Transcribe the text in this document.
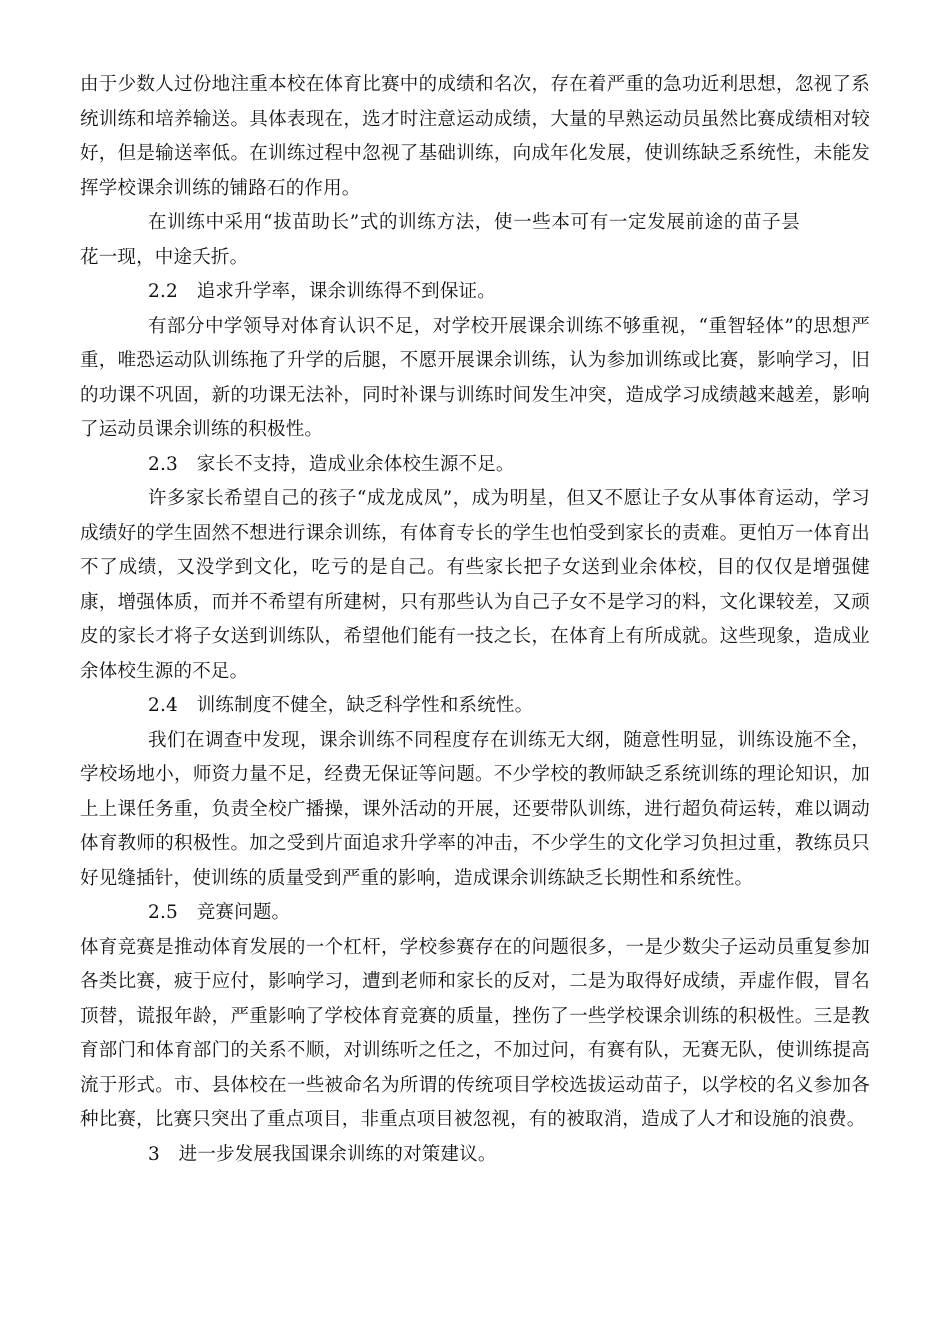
由于少数人过份地注重本校在体育比赛中的成绩和名次，存在着严重的急功近利思想，忽视了系统训练和培养输送。具体表现在，选才时注意运动成绩，大量的早熟运动员虽然比赛成绩相对较好，但是输送率低。在训练过程中忽视了基础训练，向成年化发展，使训练缺乏系统性，未能发挥学校课余训练的铺路石的作用。

在训练中采用“拔苗助长”式的训练方法，使一些本可有一定发展前途的苗子昙花一现，中途夭折。

2.2　追求升学率，课余训练得不到保证。

有部分中学领导对体育认识不足，对学校开展课余训练不够重视，“重智轻体”的思想严重，唯恐运动队训练拖了升学的后腿，不愿开展课余训练，认为参加训练或比赛，影响学习，旧的功课不巩固，新的功课无法补，同时补课与训练时间发生冲突，造成学习成绩越来越差，影响了运动员课余训练的积极性。

2.3　家长不支持，造成业余体校生源不足。

许多家长希望自己的孩子“成龙成凤”，成为明星，但又不愿让子女从事体育运动，学习成绩好的学生固然不想进行课余训练，有体育专长的学生也怕受到家长的责难。更怕万一体育出不了成绩，又没学到文化，吃亏的是自己。有些家长把子女送到业余体校，目的仅仅是增强健康，增强体质，而并不希望有所建树，只有那些认为自己子女不是学习的料，文化课较差，又顽皮的家长才将子女送到训练队，希望他们能有一技之长，在体育上有所成就。这些现象，造成业余体校生源的不足。

2.4　训练制度不健全，缺乏科学性和系统性。

我们在调查中发现，课余训练不同程度存在训练无大纲，随意性明显，训练设施不全，学校场地小，师资力量不足，经费无保证等问题。不少学校的教师缺乏系统训练的理论知识，加上上课任务重，负责全校广播操，课外活动的开展，还要带队训练，进行超负荷运转，难以调动体育教师的积极性。加之受到片面追求升学率的冲击，不少学生的文化学习负担过重，教练员只好见缝插针，使训练的质量受到严重的影响，造成课余训练缺乏长期性和系统性。

2.5　竞赛问题。

体育竞赛是推动体育发展的一个杠杆，学校参赛存在的问题很多，一是少数尖子运动员重复参加各类比赛，疲于应付，影响学习，遭到老师和家长的反对，二是为取得好成绩，弄虚作假，冒名顶替，谎报年龄，严重影响了学校体育竞赛的质量，挫伤了一些学校课余训练的积极性。三是教育部门和体育部门的关系不顺，对训练听之任之，不加过问，有赛有队，无赛无队，使训练提高流于形式。市、县体校在一些被命名为所谓的传统项目学校选拔运动苗子，以学校的名义参加各种比赛，比赛只突出了重点项目，非重点项目被忽视，有的被取消，造成了人才和设施的浪费。

3　进一步发展我国课余训练的对策建议。
